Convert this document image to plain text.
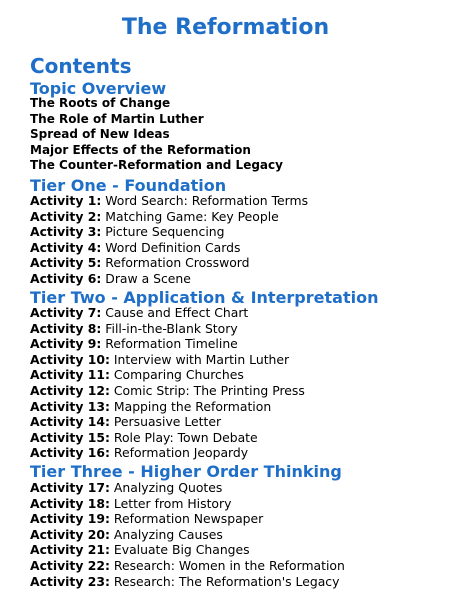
The Reformation
Contents
Topic Overview
The Roots of Change
The Role of Martin Luther
Spread of New Ideas
Major Effects of the Reformation
The Counter-Reformation and Legacy
Tier One - Foundation
Activity 1: Word Search: Reformation Terms
Activity 2: Matching Game: Key People
Activity 3: Picture Sequencing
Activity 4: Word Definition Cards
Activity 5: Reformation Crossword
Activity 6: Draw a Scene
Tier Two - Application & Interpretation
Activity 7: Cause and Effect Chart
Activity 8: Fill-in-the-Blank Story
Activity 9: Reformation Timeline
Activity 10: Interview with Martin Luther
Activity 11: Comparing Churches
Activity 12: Comic Strip: The Printing Press
Activity 13: Mapping the Reformation
Activity 14: Persuasive Letter
Activity 15: Role Play: Town Debate
Activity 16: Reformation Jeopardy
Tier Three - Higher Order Thinking
Activity 17: Analyzing Quotes
Activity 18: Letter from History
Activity 19: Reformation Newspaper
Activity 20: Analyzing Causes
Activity 21: Evaluate Big Changes
Activity 22: Research: Women in the Reformation
Activity 23: Research: The Reformation's Legacy
